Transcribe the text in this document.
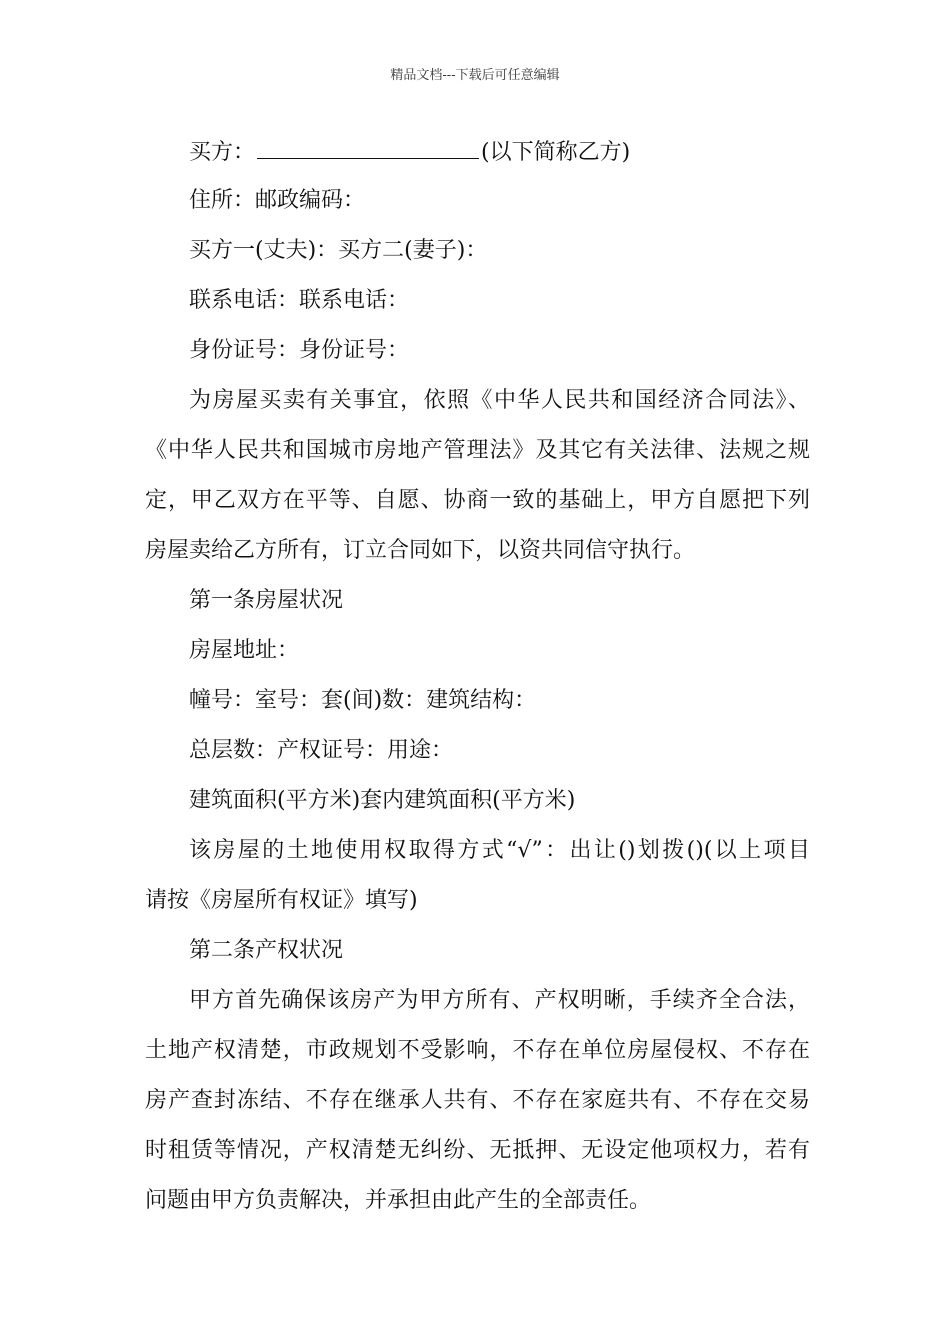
精品文档---下载后可任意编辑
买方：	(以下简称乙方)
住所：邮政编码：
买方一(丈夫)：买方二(妻子)：
联系电话：联系电话：
身份证号：身份证号：
为房屋买卖有关事宜，依照《中华人民共和国经济合同法》、
《中华人民共和国城市房地产管理法》及其它有关法律、法规之规
定，甲乙双方在平等、自愿、协商一致的基础上，甲方自愿把下列
房屋卖给乙方所有，订立合同如下，以资共同信守执行。
第一条房屋状况
房屋地址：
幢号：室号：套(间)数：建筑结构：
总层数：产权证号：用途：
建筑面积(平方米)套内建筑面积(平方米)
该房屋的土地使用权取得方式“√”：出让()划拨()(以上项目
请按《房屋所有权证》填写)
第二条产权状况
甲方首先确保该房产为甲方所有、产权明晰，手续齐全合法，
土地产权清楚，市政规划不受影响，不存在单位房屋侵权、不存在
房产查封冻结、不存在继承人共有、不存在家庭共有、不存在交易
时租赁等情况，产权清楚无纠纷、无抵押、无设定他项权力，若有
问题由甲方负责解决，并承担由此产生的全部责任。
